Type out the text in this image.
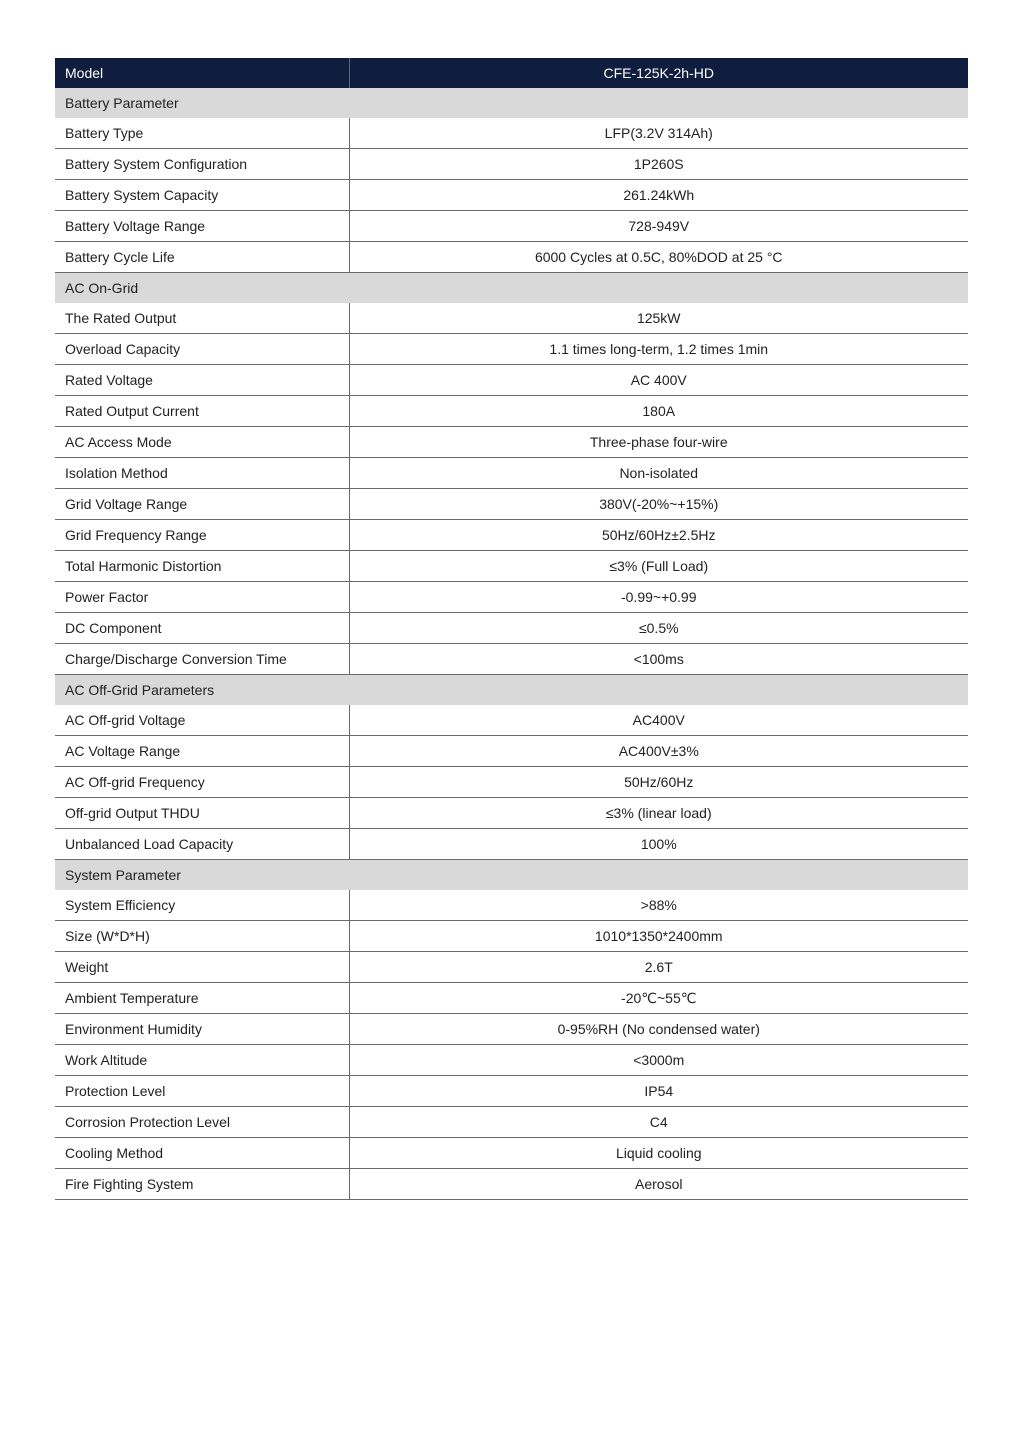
Model	CFE-125K-2h-HD
Battery Parameter	
Battery Type	LFP(3.2V 314Ah)
Battery System Configuration	1P260S
Battery System Capacity	261.24kWh
Battery Voltage Range	728-949V
Battery Cycle Life	6000 Cycles at 0.5C, 80%DOD at 25 °C
AC On-Grid	
The Rated Output	125kW
Overload Capacity	1.1 times long-term, 1.2 times 1min
Rated Voltage	AC 400V
Rated Output Current	180A
AC Access Mode	Three-phase four-wire
Isolation Method	Non-isolated
Grid Voltage Range	380V(-20%~+15%)
Grid Frequency Range	50Hz/60Hz±2.5Hz
Total Harmonic Distortion	≤3% (Full Load)
Power Factor	-0.99~+0.99
DC Component	≤0.5%
Charge/Discharge Conversion Time	<100ms
AC Off-Grid Parameters	
AC Off-grid Voltage	AC400V
AC Voltage Range	AC400V±3%
AC Off-grid Frequency	50Hz/60Hz
Off-grid Output THDU	≤3% (linear load)
Unbalanced Load Capacity	100%
System Parameter	
System Efficiency	>88%
Size (W*D*H)	1010*1350*2400mm
Weight	2.6T
Ambient Temperature	-20℃~55℃
Environment Humidity	0-95%RH (No condensed water)
Work Altitude	<3000m
Protection Level	IP54
Corrosion Protection Level	C4
Cooling Method	Liquid cooling
Fire Fighting System	Aerosol
